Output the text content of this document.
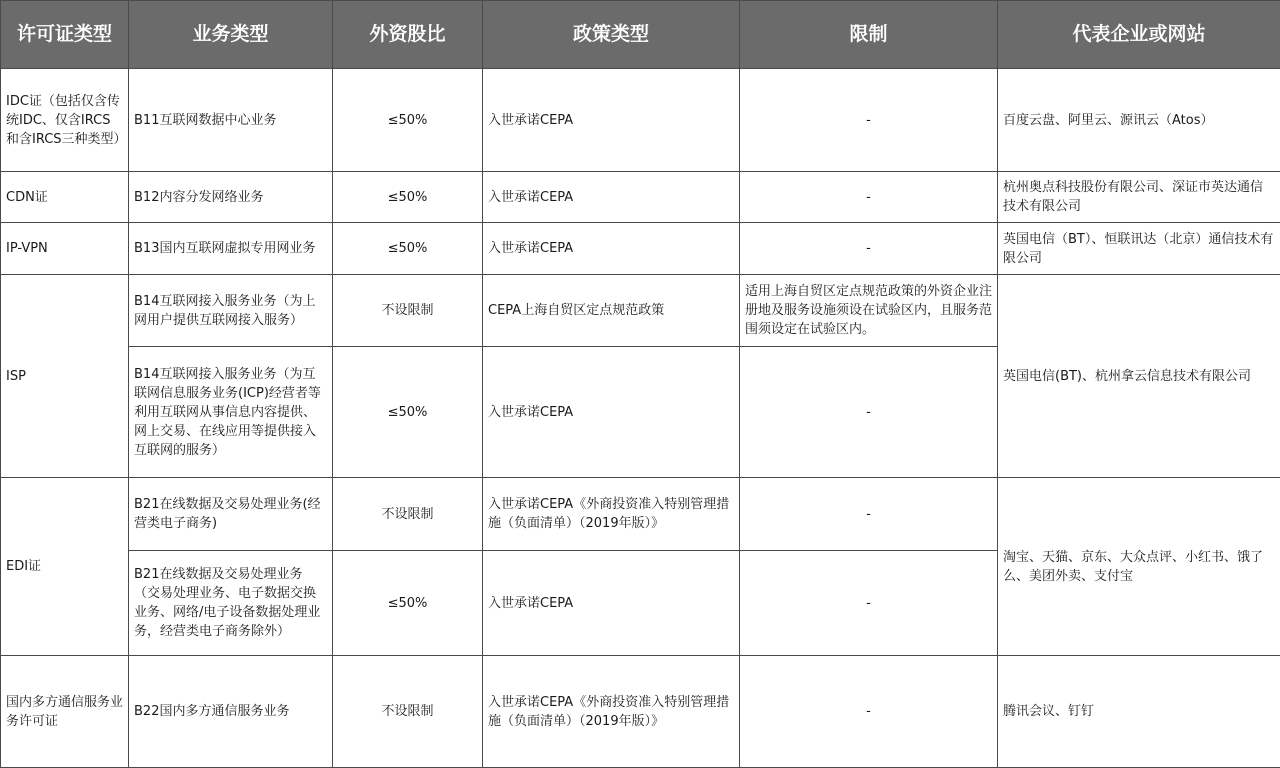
许可证类型	业务类型	外资股比	政策类型	限制	代表企业或网站
IDC证（包括仅含传统IDC、仅含IRCS和含IRCS三种类型）	B11互联网数据中心业务	≤50%	入世承诺CEPA	-	百度云盘、阿里云、源讯云（Atos）
CDN证	B12内容分发网络业务	≤50%	入世承诺CEPA	-	杭州奥点科技股份有限公司、深证市英达通信技术有限公司
IP-VPN	B13国内互联网虚拟专用网业务	≤50%	入世承诺CEPA	-	英国电信（BT）、恒联讯达（北京）通信技术有限公司
ISP	B14互联网接入服务业务（为上网用户提供互联网接入服务）	不设限制	CEPA上海自贸区定点规范政策	适用上海自贸区定点规范政策的外资企业注册地及服务设施须设在试验区内，且服务范围须设定在试验区内。	英国电信(BT)、杭州拿云信息技术有限公司
	B14互联网接入服务业务（为互联网信息服务业务(ICP)经营者等利用互联网从事信息内容提供、网上交易、在线应用等提供接入互联网的服务）	≤50%	入世承诺CEPA	-	
EDI证	B21在线数据及交易处理业务(经营类电子商务)	不设限制	入世承诺CEPA《外商投资准入特别管理措施（负面清单）（2019年版）》	-	淘宝、天猫、京东、大众点评、小红书、饿了么、美团外卖、支付宝
	B21在线数据及交易处理业务（交易处理业务、电子数据交换业务、网络/电子设备数据处理业务，经营类电子商务除外）	≤50%	入世承诺CEPA	-	
国内多方通信服务业务许可证	B22国内多方通信服务业务	不设限制	入世承诺CEPA《外商投资准入特别管理措施（负面清单）（2019年版）》	-	腾讯会议、钉钉
